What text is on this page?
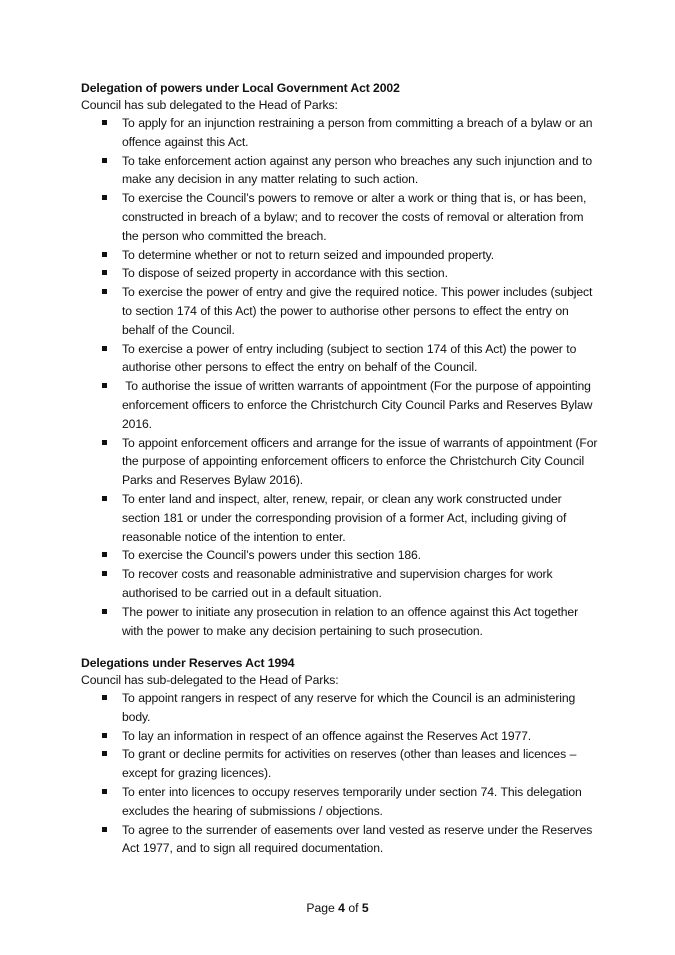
Delegation of powers under Local Government Act 2002
Council has sub delegated to the Head of Parks:
To apply for an injunction restraining a person from committing a breach of a bylaw or an offence against this Act.
To take enforcement action against any person who breaches any such injunction and to make any decision in any matter relating to such action.
To exercise the Council’s powers to remove or alter a work or thing that is, or has been, constructed in breach of a bylaw; and to recover the costs of removal or alteration from the person who committed the breach.
To determine whether or not to return seized and impounded property.
To dispose of seized property in accordance with this section.
To exercise the power of entry and give the required notice. This power includes (subject to section 174 of this Act) the power to authorise other persons to effect the entry on behalf of the Council.
To exercise a power of entry including (subject to section 174 of this Act) the power to authorise other persons to effect the entry on behalf of the Council.
To authorise the issue of written warrants of appointment (For the purpose of appointing enforcement officers to enforce the Christchurch City Council Parks and Reserves Bylaw 2016.
To appoint enforcement officers and arrange for the issue of warrants of appointment (For the purpose of appointing enforcement officers to enforce the Christchurch City Council Parks and Reserves Bylaw 2016).
To enter land and inspect, alter, renew, repair, or clean any work constructed under section 181 or under the corresponding provision of a former Act, including giving of reasonable notice of the intention to enter.
To exercise the Council’s powers under this section 186.
To recover costs and reasonable administrative and supervision charges for work authorised to be carried out in a default situation.
The power to initiate any prosecution in relation to an offence against this Act together with the power to make any decision pertaining to such prosecution.
Delegations under Reserves Act 1994
Council has sub-delegated to the Head of Parks:
To appoint rangers in respect of any reserve for which the Council is an administering body.
To lay an information in respect of an offence against the Reserves Act 1977.
To grant or decline permits for activities on reserves (other than leases and licences – except for grazing licences).
To enter into licences to occupy reserves temporarily under section 74. This delegation excludes the hearing of submissions / objections.
To agree to the surrender of easements over land vested as reserve under the Reserves Act 1977, and to sign all required documentation.
Page 4 of 5
